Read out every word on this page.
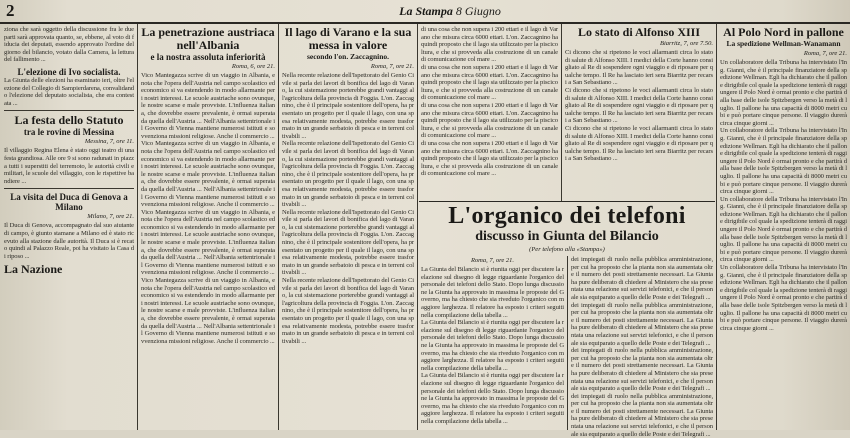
2	La Stampa 8 Giugno
ziona che sarà oggetto della discussione fra le due parti sarà approvata quanto, se, ebbene, al voto di fiducia dei deputati, essendo approvato l'ordine del giorno del bilancio, votato dalla Camera, la lettura del fallimento ...
L'elezione di Ivo socialista.
La Giunta delle elezioni ha esaminato ieri, oltre l'elezione del Collegio di Sampierdarena, convalidando l'elezione del deputato socialista, che era contestata ...
La festa dello Statuto
tra le rovine di Messina
Messina, 7, ore 11.
Il villaggio Regina Elena è stato oggi teatro di una festa grandiosa. Alle ore 9 si sono radunati in piazza tutti i superstiti del terremoto, le autorità civili e militari, le scuole del villaggio, con le rispettive bandiere ...
La visita del Duca di Genova a Milano
Milano, 7, ore 21.
Il Duca di Genova, accompagnato dal suo aiutante di campo, è giunto stamane a Milano ed è stato ricevuto alla stazione dalle autorità. Il Duca si è recato quindi al Palazzo Reale, poi ha visitato la Casa di riposo ...
La Nazione
La penetrazione austriaca nell'Albania
e la nostra assoluta inferiorità
Roma, 6, ore 21.
Vico Mantegazza scrive di un viaggio in Albania, e nota che l'opera dell'Austria nel campo scolastico ed economico si va estendendo in modo allarmante per i nostri interessi. Le scuole austriache sono ovunque, le nostre scarse e male provviste. L'influenza italiana, che dovrebbe essere prevalente, è ormai superata da quella dell'Austria ... Nell'Albania settentrionale il Governo di Vienna mantiene numerosi istituti e sovvenziona missioni religiose. Anche il commercio ...
Vico Mantegazza scrive di un viaggio in Albania, e nota che l'opera dell'Austria nel campo scolastico ed economico si va estendendo in modo allarmante per i nostri interessi. Le scuole austriache sono ovunque, le nostre scarse e male provviste. L'influenza italiana, che dovrebbe essere prevalente, è ormai superata da quella dell'Austria ... Nell'Albania settentrionale il Governo di Vienna mantiene numerosi istituti e sovvenziona missioni religiose. Anche il commercio ...
Vico Mantegazza scrive di un viaggio in Albania, e nota che l'opera dell'Austria nel campo scolastico ed economico si va estendendo in modo allarmante per i nostri interessi. Le scuole austriache sono ovunque, le nostre scarse e male provviste. L'influenza italiana, che dovrebbe essere prevalente, è ormai superata da quella dell'Austria ... Nell'Albania settentrionale il Governo di Vienna mantiene numerosi istituti e sovvenziona missioni religiose. Anche il commercio ...
Vico Mantegazza scrive di un viaggio in Albania, e nota che l'opera dell'Austria nel campo scolastico ed economico si va estendendo in modo allarmante per i nostri interessi. Le scuole austriache sono ovunque, le nostre scarse e male provviste. L'influenza italiana, che dovrebbe essere prevalente, è ormai superata da quella dell'Austria ... Nell'Albania settentrionale il Governo di Vienna mantiene numerosi istituti e sovvenziona missioni religiose. Anche il commercio ...
Il lago di Varano e la sua messa in valore
secondo l'on. Zaccagnino.
Roma, 7, ore 21.
Nella recente relazione dell'Ispettorato del Genio Civile si parla dei lavori di bonifica del lago di Varano, la cui sistemazione porterebbe grandi vantaggi all'agricoltura della provincia di Foggia. L'on. Zaccagnino, che è il principale sostenitore dell'opera, ha presentato un progetto per il quale il lago, con una spesa relativamente modesta, potrebbe essere trasformato in un grande serbatoio di pesca e in terreni coltivabili ...
Nella recente relazione dell'Ispettorato del Genio Civile si parla dei lavori di bonifica del lago di Varano, la cui sistemazione porterebbe grandi vantaggi all'agricoltura della provincia di Foggia. L'on. Zaccagnino, che è il principale sostenitore dell'opera, ha presentato un progetto per il quale il lago, con una spesa relativamente modesta, potrebbe essere trasformato in un grande serbatoio di pesca e in terreni coltivabili ...
Nella recente relazione dell'Ispettorato del Genio Civile si parla dei lavori di bonifica del lago di Varano, la cui sistemazione porterebbe grandi vantaggi all'agricoltura della provincia di Foggia. L'on. Zaccagnino, che è il principale sostenitore dell'opera, ha presentato un progetto per il quale il lago, con una spesa relativamente modesta, potrebbe essere trasformato in un grande serbatoio di pesca e in terreni coltivabili ...
Nella recente relazione dell'Ispettorato del Genio Civile si parla dei lavori di bonifica del lago di Varano, la cui sistemazione porterebbe grandi vantaggi all'agricoltura della provincia di Foggia. L'on. Zaccagnino, che è il principale sostenitore dell'opera, ha presentato un progetto per il quale il lago, con una spesa relativamente modesta, potrebbe essere trasformato in un grande serbatoio di pesca e in terreni coltivabili ...
di una cosa che non supera i 200 ettari e il lago di Varano che misura circa 6000 ettari. L'on. Zaccagnino ha quindi proposto che il lago sia utilizzato per la piscicoltura, e che si provveda alla costruzione di un canale di comunicazione col mare ...
di una cosa che non supera i 200 ettari e il lago di Varano che misura circa 6000 ettari. L'on. Zaccagnino ha quindi proposto che il lago sia utilizzato per la piscicoltura, e che si provveda alla costruzione di un canale di comunicazione col mare ...
di una cosa che non supera i 200 ettari e il lago di Varano che misura circa 6000 ettari. L'on. Zaccagnino ha quindi proposto che il lago sia utilizzato per la piscicoltura, e che si provveda alla costruzione di un canale di comunicazione col mare ...
di una cosa che non supera i 200 ettari e il lago di Varano che misura circa 6000 ettari. L'on. Zaccagnino ha quindi proposto che il lago sia utilizzato per la piscicoltura, e che si provveda alla costruzione di un canale di comunicazione col mare ...
Lo stato di Alfonso XIII
Biarritz, 7, ore 7.50.
Ci dicono che si ripetono le voci allarmanti circa lo stato di salute di Alfonso XIII. I medici della Corte hanno consigliato al Re di sospendere ogni viaggio e di riposare per qualche tempo. Il Re ha lasciato ieri sera Biarritz per recarsi a San Sebastiano ...
Ci dicono che si ripetono le voci allarmanti circa lo stato di salute di Alfonso XIII. I medici della Corte hanno consigliato al Re di sospendere ogni viaggio e di riposare per qualche tempo. Il Re ha lasciato ieri sera Biarritz per recarsi a San Sebastiano ...
Ci dicono che si ripetono le voci allarmanti circa lo stato di salute di Alfonso XIII. I medici della Corte hanno consigliato al Re di sospendere ogni viaggio e di riposare per qualche tempo. Il Re ha lasciato ieri sera Biarritz per recarsi a San Sebastiano ...
L'organico dei telefoni
discusso in Giunta del Bilancio
(Per telefono alla «Stampa»)
Roma, 7, ore 21.
La Giunta del Bilancio si è riunita oggi per discutere la relazione sul disegno di legge riguardante l'organico del personale dei telefoni dello Stato. Dopo lunga discussione la Giunta ha approvato in massima le proposte del Governo, ma ha chiesto che sia riveduto l'organico con maggiore larghezza. Il relatore ha esposto i criteri seguiti nella compilazione della tabella ...
La Giunta del Bilancio si è riunita oggi per discutere la relazione sul disegno di legge riguardante l'organico del personale dei telefoni dello Stato. Dopo lunga discussione la Giunta ha approvato in massima le proposte del Governo, ma ha chiesto che sia riveduto l'organico con maggiore larghezza. Il relatore ha esposto i criteri seguiti nella compilazione della tabella ...
La Giunta del Bilancio si è riunita oggi per discutere la relazione sul disegno di legge riguardante l'organico del personale dei telefoni dello Stato. Dopo lunga discussione la Giunta ha approvato in massima le proposte del Governo, ma ha chiesto che sia riveduto l'organico con maggiore larghezza. Il relatore ha esposto i criteri seguiti nella compilazione della tabella ...
dei impiegati di ruolo nella pubblica amministrazione, per cui ha proposto che la pianta non sia aumentata oltre il numero dei posti strettamente necessari. La Giunta ha pure deliberato di chiedere al Ministero che sia presentata una relazione sui servizi telefonici, e che il personale sia equiparato a quello delle Poste e dei Telegrafi ...
dei impiegati di ruolo nella pubblica amministrazione, per cui ha proposto che la pianta non sia aumentata oltre il numero dei posti strettamente necessari. La Giunta ha pure deliberato di chiedere al Ministero che sia presentata una relazione sui servizi telefonici, e che il personale sia equiparato a quello delle Poste e dei Telegrafi ...
dei impiegati di ruolo nella pubblica amministrazione, per cui ha proposto che la pianta non sia aumentata oltre il numero dei posti strettamente necessari. La Giunta ha pure deliberato di chiedere al Ministero che sia presentata una relazione sui servizi telefonici, e che il personale sia equiparato a quello delle Poste e dei Telegrafi ...
dei impiegati di ruolo nella pubblica amministrazione, per cui ha proposto che la pianta non sia aumentata oltre il numero dei posti strettamente necessari. La Giunta ha pure deliberato di chiedere al Ministero che sia presentata una relazione sui servizi telefonici, e che il personale sia equiparato a quello delle Poste e dei Telegrafi ...
Al Polo Nord in pallone
La spedizione Wellman-Wanamann
Roma, 7, ore 21.
Un collaboratore della Tribuna ha intervistato l'Ing. Gianni, che è il principale finanziatore della spedizione Wellman. Egli ha dichiarato che il pallone dirigibile col quale la spedizione tenterà di raggiungere il Polo Nord è ormai pronto e che partirà dalla base delle isole Spitzbergen verso la metà di luglio. Il pallone ha una capacità di 8000 metri cubi e può portare cinque persone. Il viaggio durerà circa cinque giorni ...
Un collaboratore della Tribuna ha intervistato l'Ing. Gianni, che è il principale finanziatore della spedizione Wellman. Egli ha dichiarato che il pallone dirigibile col quale la spedizione tenterà di raggiungere il Polo Nord è ormai pronto e che partirà dalla base delle isole Spitzbergen verso la metà di luglio. Il pallone ha una capacità di 8000 metri cubi e può portare cinque persone. Il viaggio durerà circa cinque giorni ...
Un collaboratore della Tribuna ha intervistato l'Ing. Gianni, che è il principale finanziatore della spedizione Wellman. Egli ha dichiarato che il pallone dirigibile col quale la spedizione tenterà di raggiungere il Polo Nord è ormai pronto e che partirà dalla base delle isole Spitzbergen verso la metà di luglio. Il pallone ha una capacità di 8000 metri cubi e può portare cinque persone. Il viaggio durerà circa cinque giorni ...
Un collaboratore della Tribuna ha intervistato l'Ing. Gianni, che è il principale finanziatore della spedizione Wellman. Egli ha dichiarato che il pallone dirigibile col quale la spedizione tenterà di raggiungere il Polo Nord è ormai pronto e che partirà dalla base delle isole Spitzbergen verso la metà di luglio. Il pallone ha una capacità di 8000 metri cubi e può portare cinque persone. Il viaggio durerà circa cinque giorni ...
